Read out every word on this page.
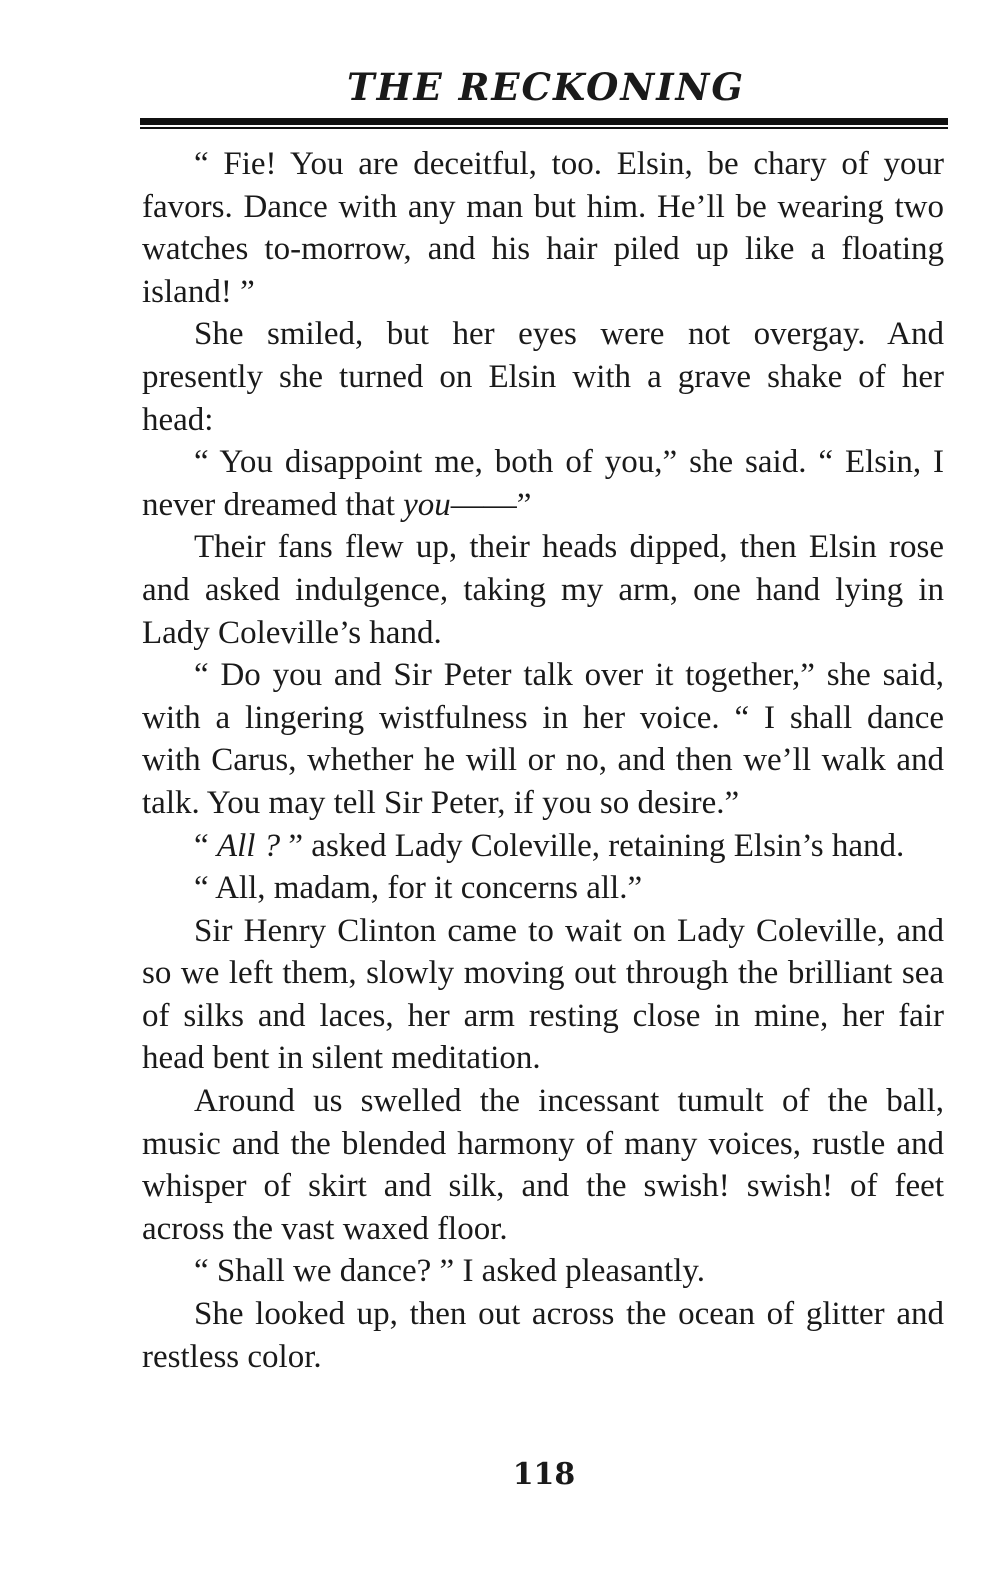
THE RECKONING

“ Fie! You are deceitful, too. Elsin, be chary of your favors. Dance with any man but him. He’ll be wearing two watches to-morrow, and his hair piled up like a floating island! ”

She smiled, but her eyes were not overgay. And presently she turned on Elsin with a grave shake of her head:

“ You disappoint me, both of you,” she said. “ Elsin, I never dreamed that you——”

Their fans flew up, their heads dipped, then Elsin rose and asked indulgence, taking my arm, one hand lying in Lady Coleville’s hand.

“ Do you and Sir Peter talk over it together,” she said, with a lingering wistfulness in her voice. “ I shall dance with Carus, whether he will or no, and then we’ll walk and talk. You may tell Sir Peter, if you so desire.”

“ All ? ” asked Lady Coleville, retaining Elsin’s hand.

“ All, madam, for it concerns all.”

Sir Henry Clinton came to wait on Lady Coleville, and so we left them, slowly moving out through the brilliant sea of silks and laces, her arm resting close in mine, her fair head bent in silent meditation.

Around us swelled the incessant tumult of the ball, music and the blended harmony of many voices, rustle and whisper of skirt and silk, and the swish! swish! of feet across the vast waxed floor.

“ Shall we dance? ” I asked pleasantly.

She looked up, then out across the ocean of glitter and restless color.

118
